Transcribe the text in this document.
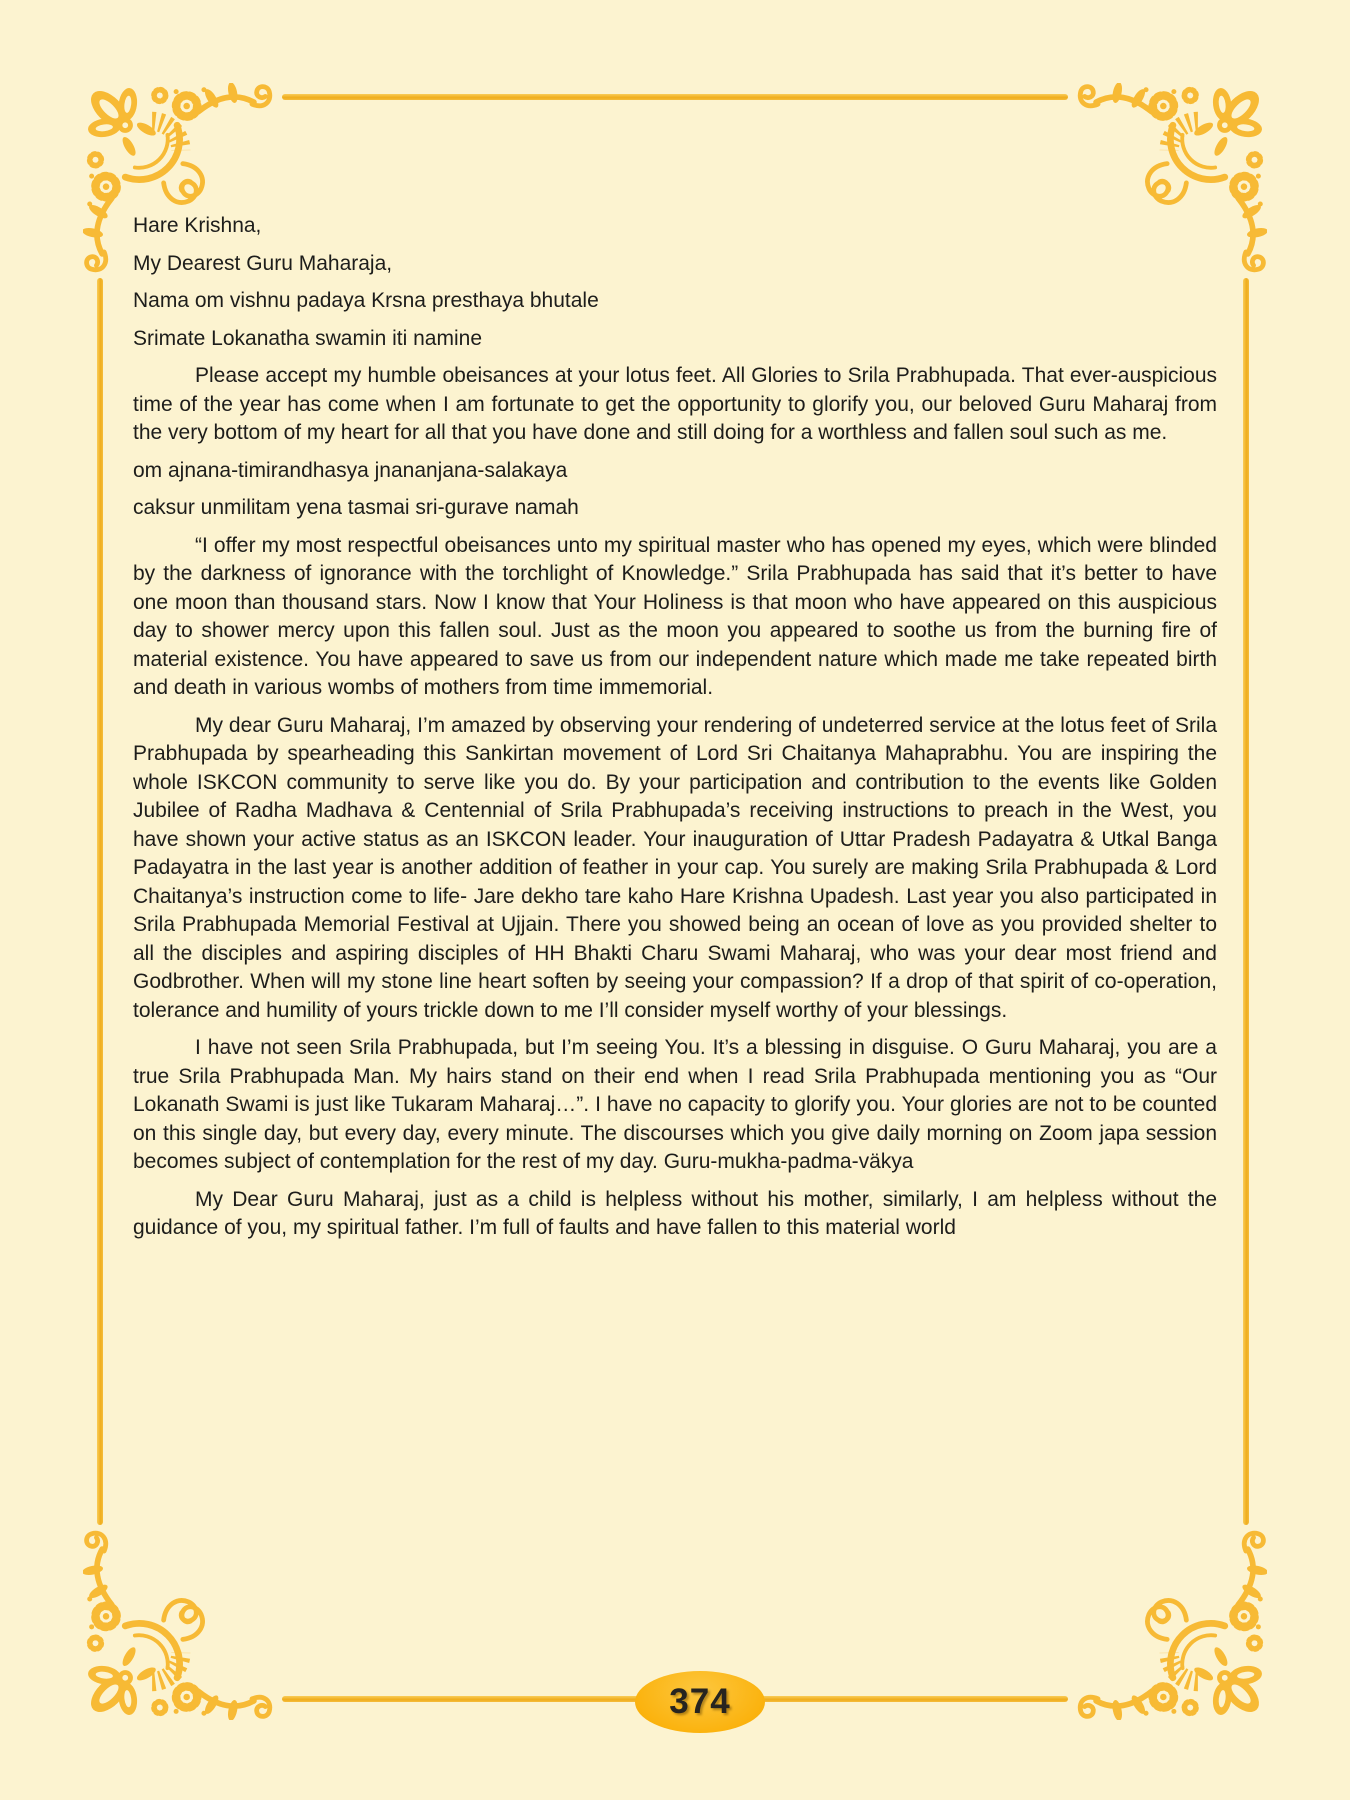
Hare Krishna,

My Dearest Guru Maharaja,

Nama om vishnu padaya Krsna presthaya bhutale

Srimate Lokanatha swamin iti namine

Please accept my humble obeisances at your lotus feet. All Glories to Srila Prabhupada. That ever-auspicious time of the year has come when I am fortunate to get the opportunity to glorify you, our beloved Guru Maharaj from the very bottom of my heart for all that you have done and still doing for a worthless and fallen soul such as me.

om ajnana-timirandhasya jnananjana-salakaya

caksur unmilitam yena tasmai sri-gurave namah

“I offer my most respectful obeisances unto my spiritual master who has opened my eyes, which were blinded by the darkness of ignorance with the torchlight of Knowledge.” Srila Prabhupada has said that it’s better to have one moon than thousand stars. Now I know that Your Holiness is that moon who have appeared on this auspicious day to shower mercy upon this fallen soul. Just as the moon you appeared to soothe us from the burning fire of material existence. You have appeared to save us from our independent nature which made me take repeated birth and death in various wombs of mothers from time immemorial.

My dear Guru Maharaj, I’m amazed by observing your rendering of undeterred service at the lotus feet of Srila Prabhupada by spearheading this Sankirtan movement of Lord Sri Chaitanya Mahaprabhu. You are inspiring the whole ISKCON community to serve like you do. By your participation and contribution to the events like Golden Jubilee of Radha Madhava & Centennial of Srila Prabhupada’s receiving instructions to preach in the West, you have shown your active status as an ISKCON leader. Your inauguration of Uttar Pradesh Padayatra & Utkal Banga Padayatra in the last year is another addition of feather in your cap. You surely are making Srila Prabhupada & Lord Chaitanya’s instruction come to life- Jare dekho tare kaho Hare Krishna Upadesh. Last year you also participated in Srila Prabhupada Memorial Festival at Ujjain. There you showed being an ocean of love as you provided shelter to all the disciples and aspiring disciples of HH Bhakti Charu Swami Maharaj, who was your dear most friend and Godbrother. When will my stone line heart soften by seeing your compassion? If a drop of that spirit of co-operation, tolerance and humility of yours trickle down to me I’ll consider myself worthy of your blessings.

I have not seen Srila Prabhupada, but I’m seeing You. It’s a blessing in disguise. O Guru Maharaj, you are a true Srila Prabhupada Man. My hairs stand on their end when I read Srila Prabhupada mentioning you as “Our Lokanath Swami is just like Tukaram Maharaj…”. I have no capacity to glorify you. Your glories are not to be counted on this single day, but every day, every minute. The discourses which you give daily morning on Zoom japa session becomes subject of contemplation for the rest of my day. Guru-mukha-padma-väkya

My Dear Guru Maharaj, just as a child is helpless without his mother, similarly, I am helpless without the guidance of you, my spiritual father. I’m full of faults and have fallen to this material world

374
